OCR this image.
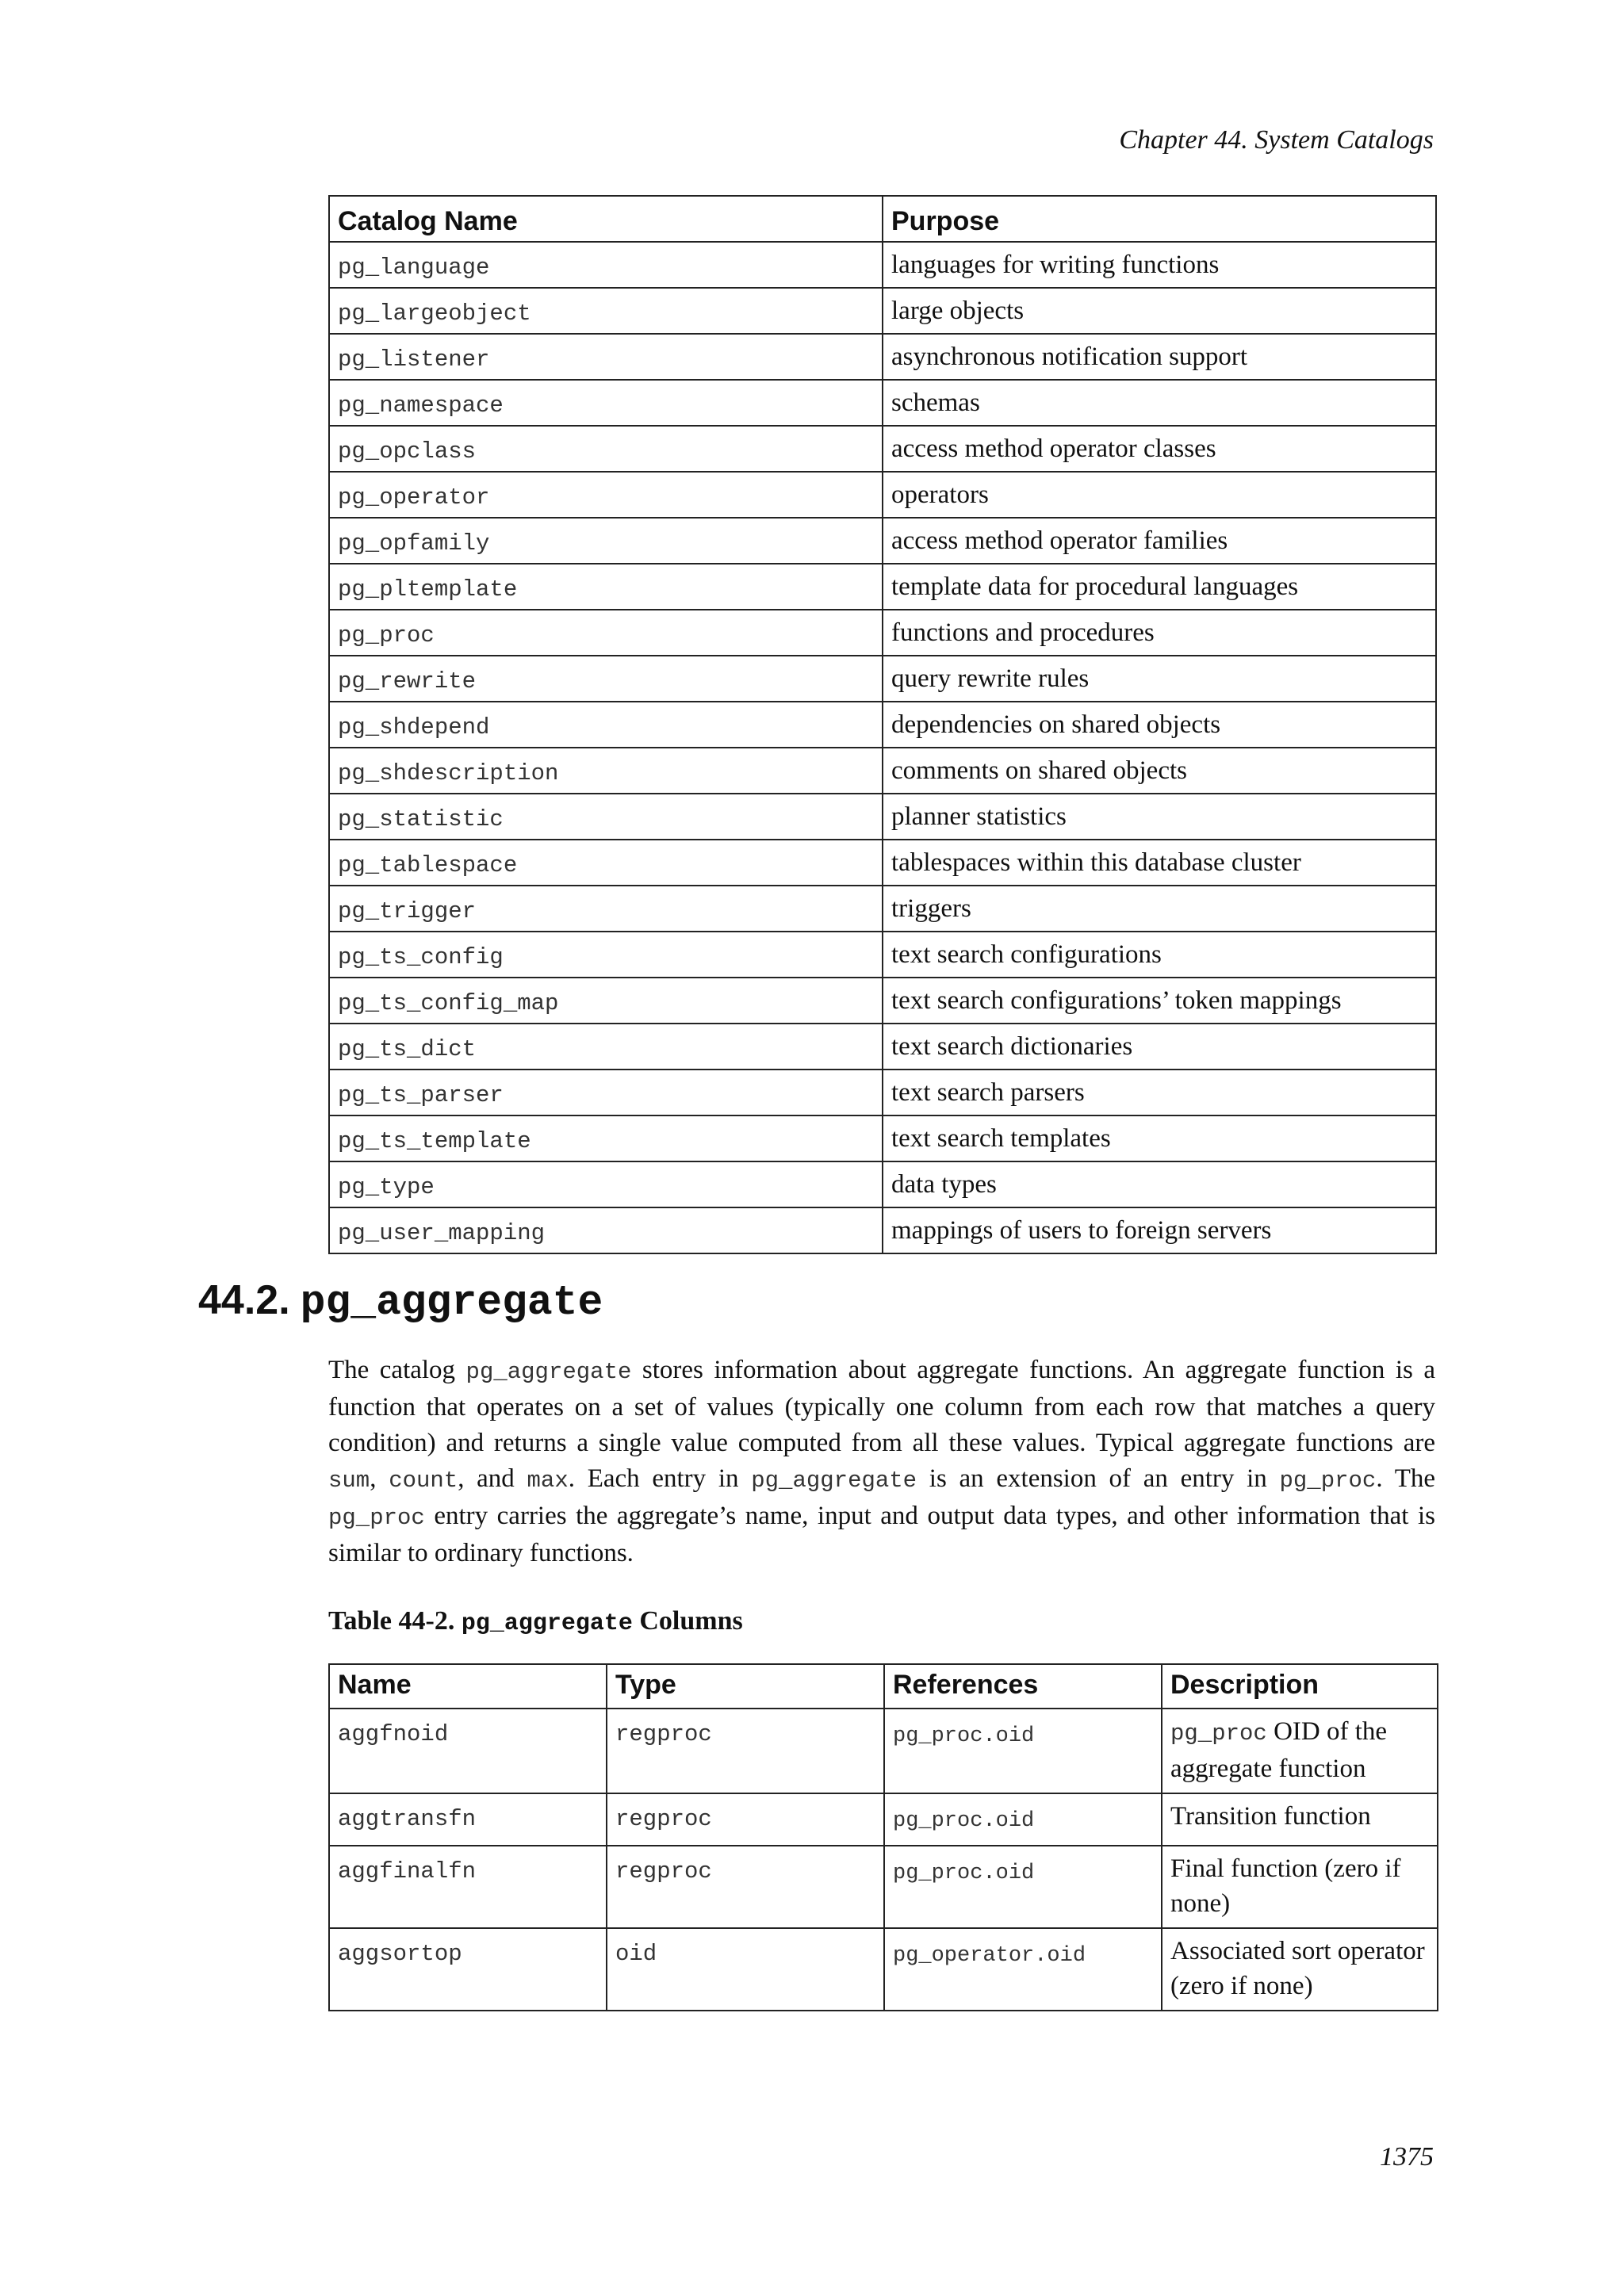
Chapter 44. System Catalogs
Catalog Name	Purpose
pg_language	languages for writing functions
pg_largeobject	large objects
pg_listener	asynchronous notification support
pg_namespace	schemas
pg_opclass	access method operator classes
pg_operator	operators
pg_opfamily	access method operator families
pg_pltemplate	template data for procedural languages
pg_proc	functions and procedures
pg_rewrite	query rewrite rules
pg_shdepend	dependencies on shared objects
pg_shdescription	comments on shared objects
pg_statistic	planner statistics
pg_tablespace	tablespaces within this database cluster
pg_trigger	triggers
pg_ts_config	text search configurations
pg_ts_config_map	text search configurations’ token mappings
pg_ts_dict	text search dictionaries
pg_ts_parser	text search parsers
pg_ts_template	text search templates
pg_type	data types
pg_user_mapping	mappings of users to foreign servers
44.2. pg_aggregate
The catalog pg_aggregate stores information about aggregate functions. An aggregate function is a function that operates on a set of values (typically one column from each row that matches a query condition) and returns a single value computed from all these values. Typical aggregate functions are sum, count, and max. Each entry in pg_aggregate is an extension of an entry in pg_proc. The pg_proc entry carries the aggregate’s name, input and output data types, and other information that is similar to ordinary functions.
Table 44-2. pg_aggregate Columns
Name	Type	References	Description
aggfnoid	regproc	pg_proc.oid	pg_proc OID of the aggregate function
aggtransfn	regproc	pg_proc.oid	Transition function
aggfinalfn	regproc	pg_proc.oid	Final function (zero if none)
aggsortop	oid	pg_operator.oid	Associated sort operator (zero if none)
1375
